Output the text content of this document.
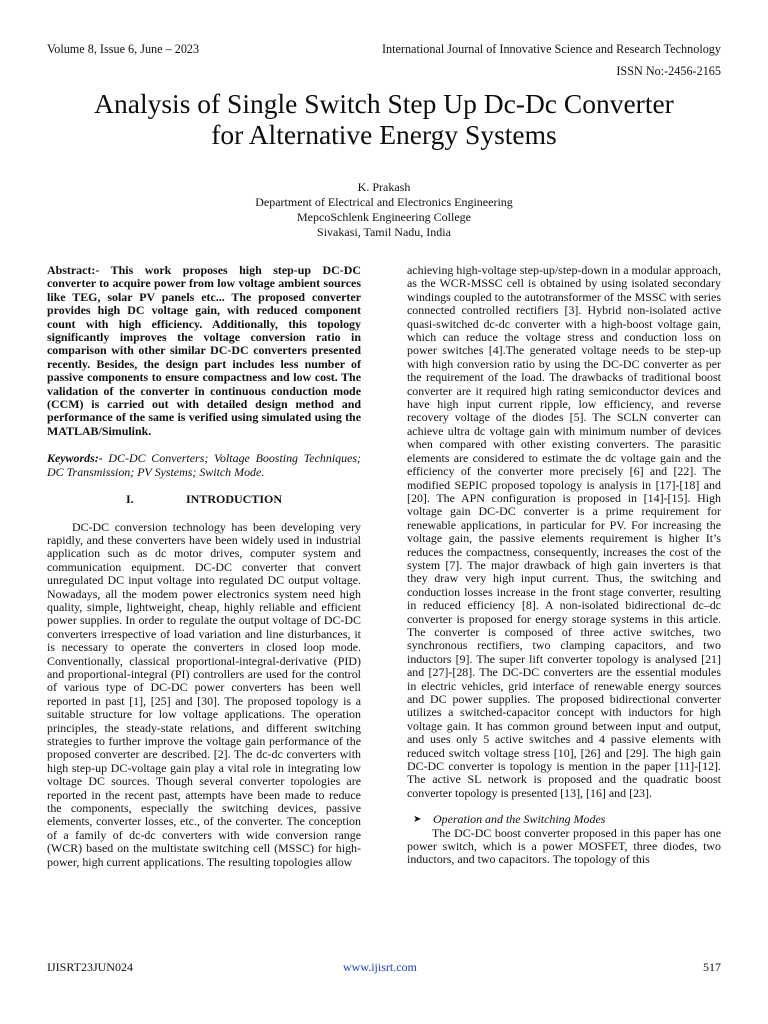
Volume 8, Issue 6, June – 2023	International Journal of Innovative Science and Research Technology
ISSN No:-2456-2165
Analysis of Single Switch Step Up Dc-Dc Converter
for Alternative Energy Systems
K. Prakash
Department of Electrical and Electronics Engineering
MepcoSchlenk Engineering College
Sivakasi, Tamil Nadu, India

Abstract:- This work proposes high step-up DC-DC converter to acquire power from low voltage ambient sources like TEG, solar PV panels etc... The proposed converter provides high DC voltage gain, with reduced component count with high efficiency. Additionally, this topology significantly improves the voltage conversion ratio in comparison with other similar DC-DC converters presented recently. Besides, the design part includes less number of passive components to ensure compactness and low cost. The validation of the converter in continuous conduction mode (CCM) is carried out with detailed design method and performance of the same is verified using simulated using the MATLAB/Simulink.

Keywords:- DC-DC Converters; Voltage Boosting Techniques; DC Transmission; PV Systems; Switch Mode.

I.	INTRODUCTION

DC-DC conversion technology has been developing very rapidly, and these converters have been widely used in industrial application such as dc motor drives, computer system and communication equipment. DC-DC converter that convert unregulated DC input voltage into regulated DC output voltage. Nowadays, all the modem power electronics system need high quality, simple, lightweight, cheap, highly reliable and efficient power supplies. In order to regulate the output voltage of DC-DC converters irrespective of load variation and line disturbances, it is necessary to operate the converters in closed loop mode. Conventionally, classical proportional-integral-derivative (PID) and proportional-integral (PI) controllers are used for the control of various type of DC-DC power converters has been well reported in past [1], [25] and [30]. The proposed topology is a suitable structure for low voltage applications. The operation principles, the steady-state relations, and different switching strategies to further improve the voltage gain performance of the proposed converter are described. [2]. The dc-dc converters with high step-up DC-voltage gain play a vital role in integrating low voltage DC sources. Though several converter topologies are reported in the recent past, attempts have been made to reduce the components, especially the switching devices, passive elements, converter losses, etc., of the converter. The conception of a family of dc-dc converters with wide conversion range (WCR) based on the multistate switching cell (MSSC) for high-power, high current applications. The resulting topologies allow

achieving high-voltage step-up/step-down in a modular approach, as the WCR-MSSC cell is obtained by using isolated secondary windings coupled to the autotransformer of the MSSC with series connected controlled rectifiers [3]. Hybrid non-isolated active quasi-switched dc-dc converter with a high-boost voltage gain, which can reduce the voltage stress and conduction loss on power switches [4].The generated voltage needs to be step-up with high conversion ratio by using the DC-DC converter as per the requirement of the load. The drawbacks of traditional boost converter are it required high rating semiconductor devices and have high input current ripple, low efficiency, and reverse recovery voltage of the diodes [5]. The SCLN converter can achieve ultra dc voltage gain with minimum number of devices when compared with other existing converters. The parasitic elements are considered to estimate the dc voltage gain and the efficiency of the converter more precisely [6] and [22]. The modified SEPIC proposed topology is analysis in [17]-[18] and [20]. The APN configuration is proposed in [14]-[15]. High voltage gain DC-DC converter is a prime requirement for renewable applications, in particular for PV. For increasing the voltage gain, the passive elements requirement is higher It’s reduces the compactness, consequently, increases the cost of the system [7]. The major drawback of high gain inverters is that they draw very high input current. Thus, the switching and conduction losses increase in the front stage converter, resulting in reduced efficiency [8]. A non-isolated bidirectional dc–dc converter is proposed for energy storage systems in this article. The converter is composed of three active switches, two synchronous rectifiers, two clamping capacitors, and two inductors [9]. The super lift converter topology is analysed [21] and [27]-[28]. The DC-DC converters are the essential modules in electric vehicles, grid interface of renewable energy sources and DC power supplies. The proposed bidirectional converter utilizes a switched-capacitor concept with inductors for high voltage gain. It has common ground between input and output, and uses only 5 active switches and 4 passive elements with reduced switch voltage stress [10], [26] and [29]. The high gain DC-DC converter is topology is mention in the paper [11]-[12]. The active SL network is proposed and the quadratic boost converter topology is presented [13], [16] and [23].

➤ Operation and the Switching Modes

The DC-DC boost converter proposed in this paper has one power switch, which is a power MOSFET, three diodes, two inductors, and two capacitors. The topology of this

IJISRT23JUN024	www.ijisrt.com	517
